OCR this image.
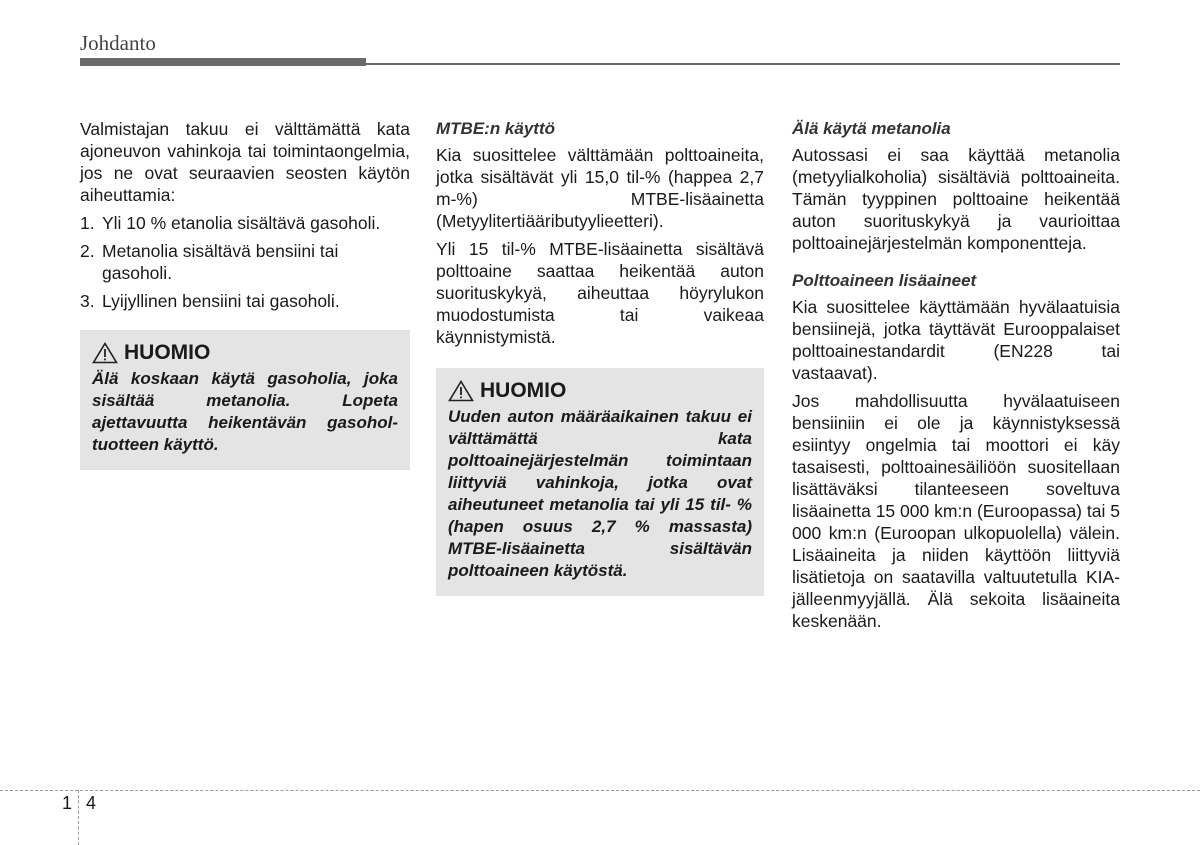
Johdanto

Valmistajan takuu ei välttämättä kata ajoneuvon vahinkoja tai toimintaongelmia, jos ne ovat seuraavien seosten käytön aiheuttamia:

1. Yli 10 % etanolia sisältävä gasoholi.
2. Metanolia sisältävä bensiini tai gasoholi.
3. Lyijyllinen bensiini tai gasoholi.
HUOMIO

Älä koskaan käytä gasoholia, joka sisältää metanolia. Lopeta ajettavuutta heikentävän gasohol-tuotteen käyttö.

MTBE:n käyttö

Kia suosittelee välttämään polttoaineita, jotka sisältävät yli 15,0 til-% (happea 2,7 m-%) MTBE-lisäainetta (Metyylitertiääributyylieetteri).

Yli 15 til-% MTBE-lisäainetta sisältävä polttoaine saattaa heikentää auton suorituskykyä, aiheuttaa höyrylukon muodostumista tai vaikeaa käynnistymistä.

HUOMIO

Uuden auton määräaikainen takuu ei välttämättä kata polttoainejärjestelmän toimintaan liittyviä vahinkoja, jotka ovat aiheutuneet metanolia tai yli 15 til- % (hapen osuus 2,7 % massasta) MTBE-lisäainetta sisältävän polttoaineen käytöstä.

Älä käytä metanolia

Autossasi ei saa käyttää metanolia (metyylialkoholia) sisältäviä polttoaineita. Tämän tyyppinen polttoaine heikentää auton suorituskykyä ja vaurioittaa polttoainejärjestelmän komponentteja.

Polttoaineen lisäaineet

Kia suosittelee käyttämään hyvälaatuisia bensiinejä, jotka täyttävät Eurooppalaiset polttoainestandardit (EN228 tai vastaavat).

Jos mahdollisuutta hyvälaatuiseen bensiiniin ei ole ja käynnistyksessä esiintyy ongelmia tai moottori ei käy tasaisesti, polttoainesäiliöön suositellaan lisättäväksi tilanteeseen soveltuva lisäainetta 15 000 km:n (Euroopassa) tai 5 000 km:n (Euroopan ulkopuolella) välein. Lisäaineita ja niiden käyttöön liittyviä lisätietoja on saatavilla valtuutetulla KIA-jälleenmyyjällä. Älä sekoita lisäaineita keskenään.

1 4
